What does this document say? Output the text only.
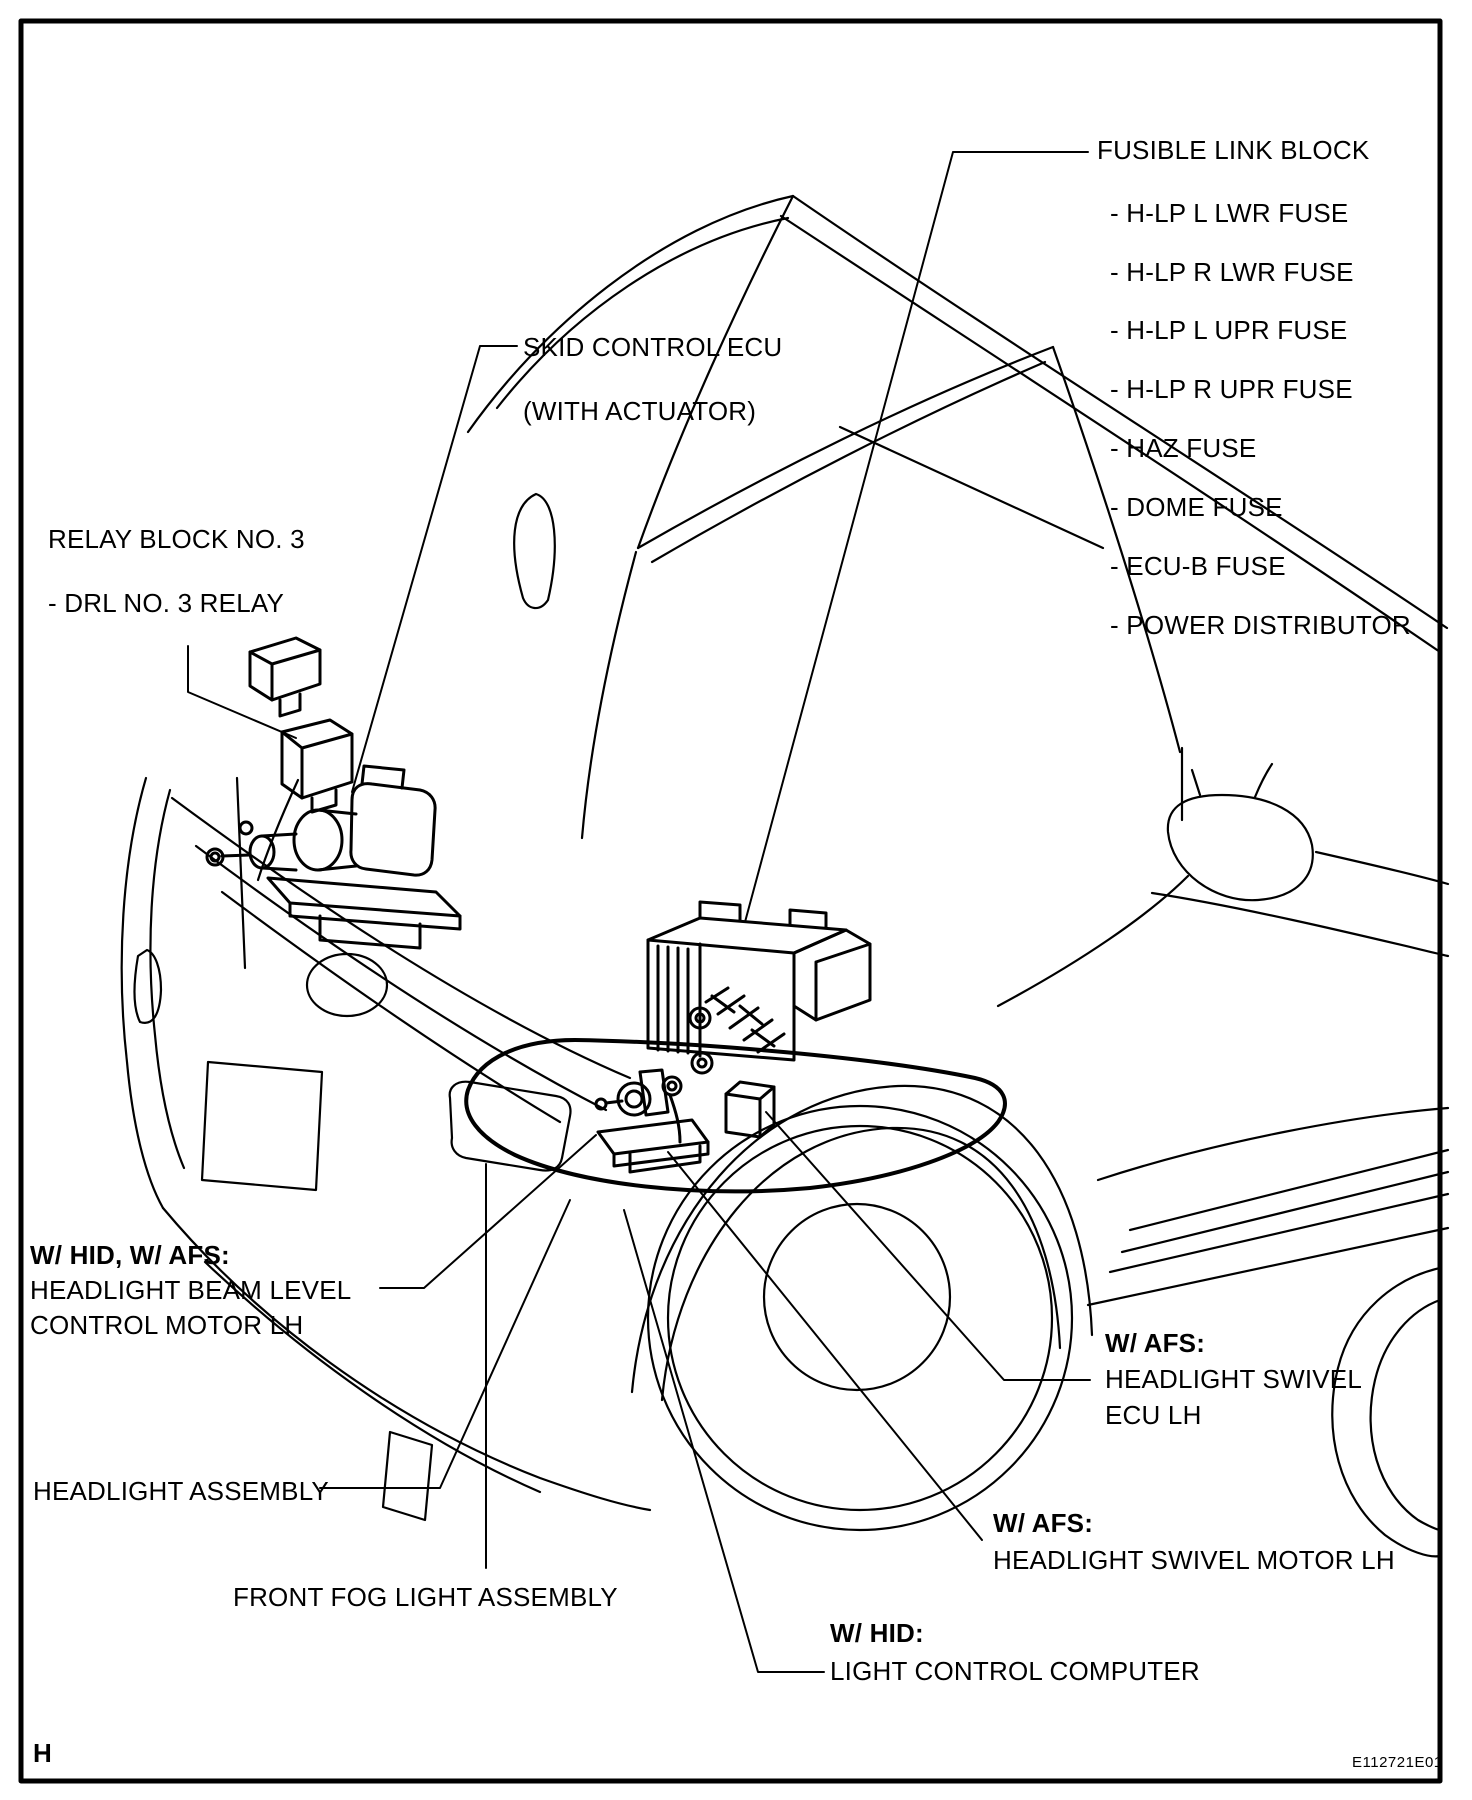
FUSIBLE LINK BLOCK
- H-LP L LWR FUSE
- H-LP R LWR FUSE
- H-LP L UPR FUSE
- H-LP R UPR FUSE
- HAZ FUSE
- DOME FUSE
- ECU-B FUSE
- POWER DISTRIBUTOR
SKID CONTROL ECU
(WITH ACTUATOR)
RELAY BLOCK NO. 3
- DRL NO. 3 RELAY
W/ HID, W/ AFS:
HEADLIGHT BEAM LEVEL
CONTROL MOTOR LH
HEADLIGHT ASSEMBLY
FRONT FOG LIGHT ASSEMBLY
W/ AFS:
HEADLIGHT SWIVEL
ECU LH
W/ AFS:
HEADLIGHT SWIVEL MOTOR LH
W/ HID:
LIGHT CONTROL COMPUTER
H	E112721E01
